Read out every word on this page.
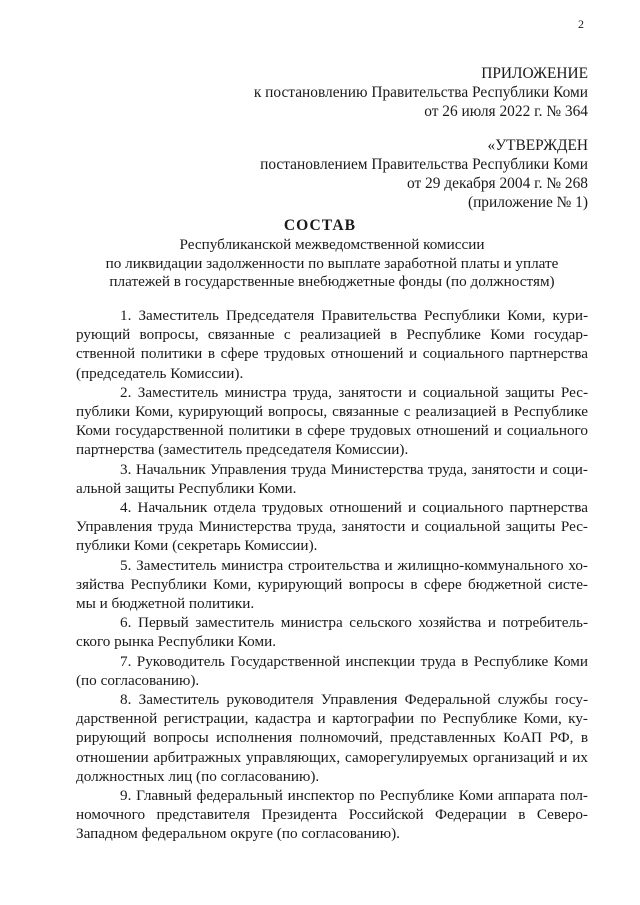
2
ПРИЛОЖЕНИЕ
к постановлению Правительства Республики Коми
от 26 июля 2022 г. № 364
«УТВЕРЖДЕН
постановлением Правительства Республики Коми
от 29 декабря 2004 г. № 268
(приложение № 1)
СОСТАВ
Республиканской межведомственной комиссии
по ликвидации задолженности по выплате заработной платы и уплате
платежей в государственные внебюджетные фонды (по должностям)
1. Заместитель Председателя Правительства Республики Коми, кури-
рующий вопросы, связанные с реализацией в Республике Коми государ-
ственной политики в сфере трудовых отношений и социального партнерства
(председатель Комиссии).
2. Заместитель министра труда, занятости и социальной защиты Рес-
публики Коми, курирующий вопросы, связанные с реализацией в Республике
Коми государственной политики в сфере трудовых отношений и социального
партнерства (заместитель председателя Комиссии).
3. Начальник Управления труда Министерства труда, занятости и соци-
альной защиты Республики Коми.
4. Начальник отдела трудовых отношений и социального партнерства
Управления труда Министерства труда, занятости и социальной защиты Рес-
публики Коми (секретарь Комиссии).
5. Заместитель министра строительства и жилищно-коммунального хо-
зяйства Республики Коми, курирующий вопросы в сфере бюджетной систе-
мы и бюджетной политики.
6. Первый заместитель министра сельского хозяйства и потребитель-
ского рынка Республики Коми.
7. Руководитель Государственной инспекции труда в Республике Коми
(по согласованию).
8. Заместитель руководителя Управления Федеральной службы госу-
дарственной регистрации, кадастра и картографии по Республике Коми, ку-
рирующий вопросы исполнения полномочий, представленных КоАП РФ, в
отношении арбитражных управляющих, саморегулируемых организаций и их
должностных лиц (по согласованию).
9. Главный федеральный инспектор по Республике Коми аппарата пол-
номочного представителя Президента Российской Федерации в Северо-
Западном федеральном округе (по согласованию).
